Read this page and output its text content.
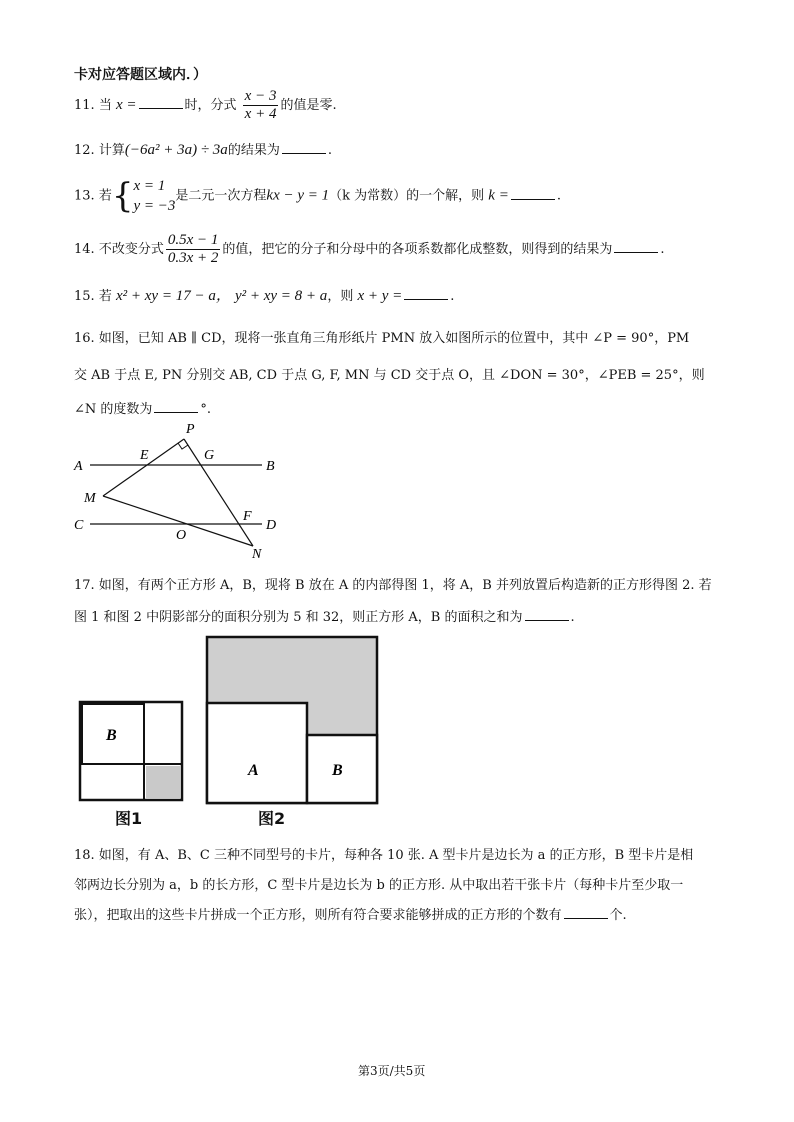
卡对应答题区域内．）
11. 当 x =	时，分式 $\frac{x - 3}{x + 4}$ 的值是零.
12. 计算(−6a² + 3a) ÷ 3a的结果为	.
13. 若{ x = 1
y = −3
是二元一次方程kx − y = 1（k 为常数）的一个解，则 k =	.
14. 不改变分式 $\frac{0.5x - 1}{0.3x + 2}$ 的值，把它的分子和分母中的各项系数都化成整数，则得到的结果为	.
15. 若 x² + xy = 17 − a， y² + xy = 8 + a，则 x + y =	.
16. 如图，已知 AB ∥ CD，现将一张直角三角形纸片 PMN 放入如图所示的位置中，其中 ∠P = 90°，PM
交 AB 于点 E, PN 分别交 AB, CD 于点 G, F, MN 与 CD 交于点 O，且 ∠DON = 30°，∠PEB = 25°，则
∠N 的度数为	°.
A	B
C	D
E	G
F
M
N
O
P
17. 如图，有两个正方形 A，B，现将 B 放在 A 的内部得图 1，将 A，B 并列放置后构造新的正方形得图 2. 若
图 1 和图 2 中阴影部分的面积分别为 5 和 32，则正方形 A，B 的面积之和为	.
B
图1
A	B
图2
18. 如图，有 A、B、C 三种不同型号的卡片，每种各 10 张. A 型卡片是边长为 a 的正方形，B 型卡片是相
邻两边长分别为 a，b 的长方形，C 型卡片是边长为 b 的正方形. 从中取出若干张卡片（每种卡片至少取一
张），把取出的这些卡片拼成一个正方形，则所有符合要求能够拼成的正方形的个数有	个.
第3页/共5页
